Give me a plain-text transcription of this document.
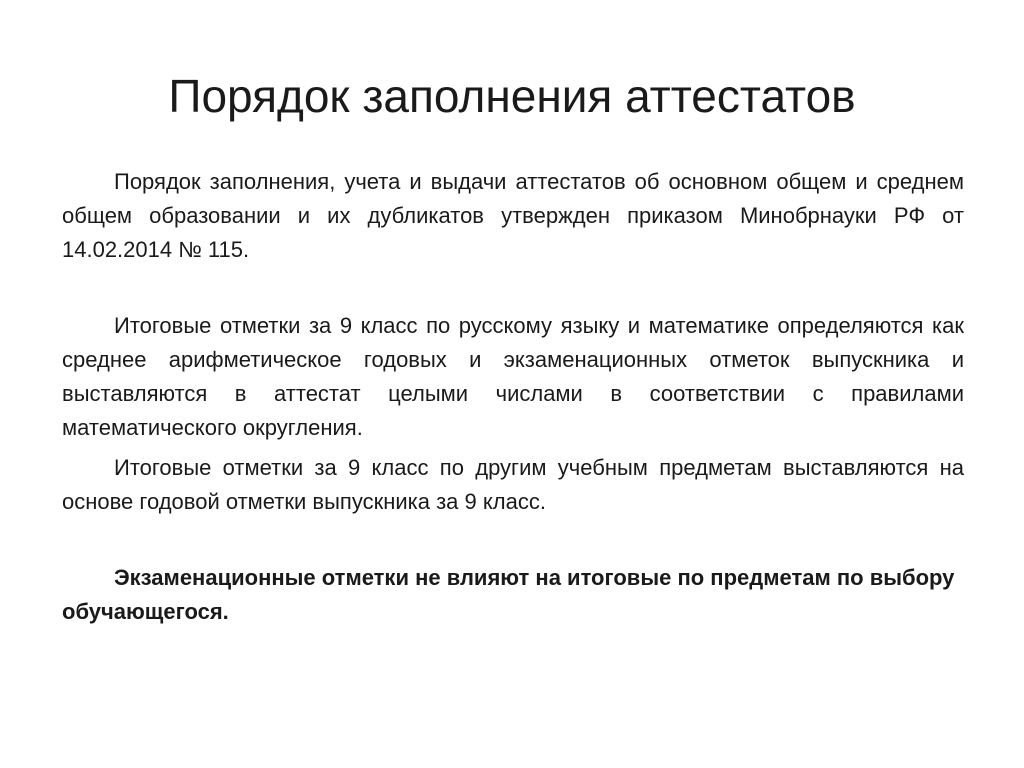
Порядок заполнения аттестатов

Порядок заполнения, учета и выдачи аттестатов об основном общем и среднем общем образовании и их дубликатов утвержден приказом Минобрнауки РФ от 14.02.2014 № 115.

Итоговые отметки за 9 класс по русскому языку и математике определяются как среднее арифметическое годовых и экзаменационных отметок выпускника и выставляются в аттестат целыми числами в соответствии с правилами математического округления.

Итоговые отметки за 9 класс по другим учебным предметам выставляются на основе годовой отметки выпускника за 9 класс.

Экзаменационные отметки не влияют на итоговые по предметам по выбору обучающегося.
